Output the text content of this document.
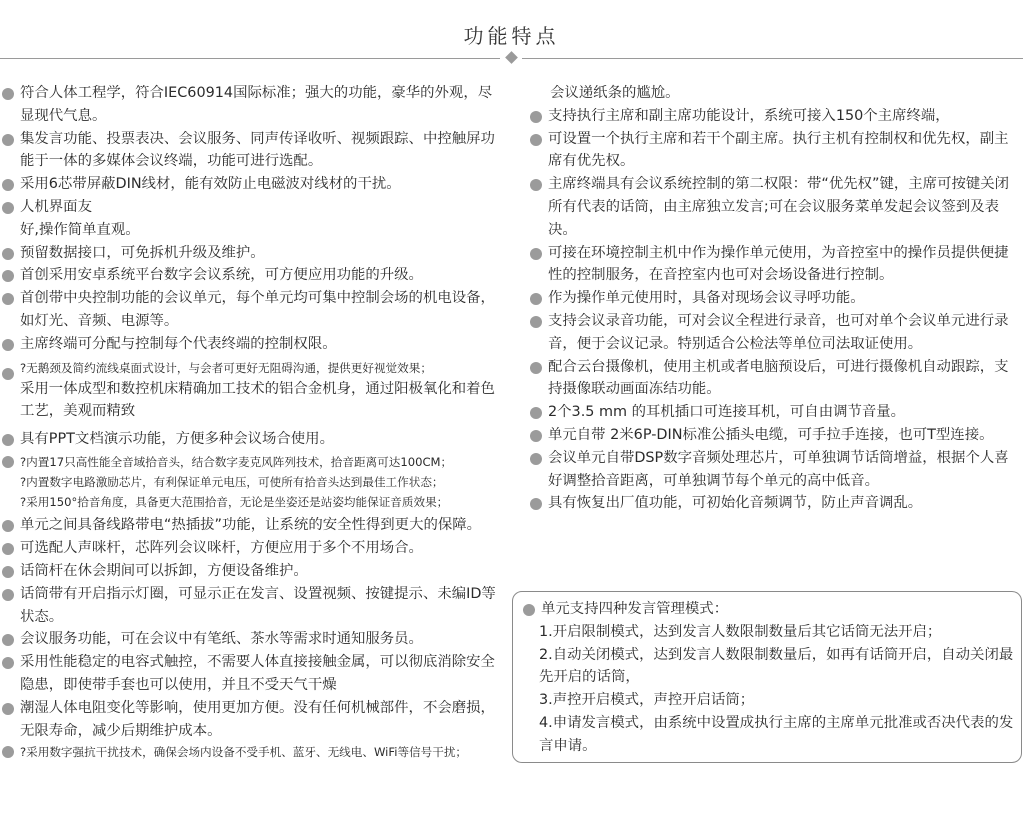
功能特点
符合人体工程学，符合IEC60914国际标准；强大的功能，豪华的外观，尽显现代气息。
集发言功能、投票表决、会议服务、同声传译收听、视频跟踪、中控触屏功能于一体的多媒体会议终端，功能可进行选配。
采用6芯带屏蔽DIN线材，能有效防止电磁波对线材的干扰。
人机界面友
好,操作简单直观。
预留数据接口，可免拆机升级及维护。
首创采用安卓系统平台数字会议系统，可方便应用功能的升级。
首创带中央控制功能的会议单元，每个单元均可集中控制会场的机电设备，如灯光、音频、电源等。
主席终端可分配与控制每个代表终端的控制权限。
?无鹅颈及简约流线桌面式设计，与会者可更好无阻碍沟通，提供更好视觉效果；
采用一体成型和数控机床精确加工技术的铝合金机身，通过阳极氧化和着色工艺，美观而精致
具有PPT文档演示功能，方便多种会议场合使用。
?内置17只高性能全音域拾音头，结合数字麦克风阵列技术，拾音距离可达100CM；
?内置数字电路激励芯片，有利保证单元电压，可使所有拾音头达到最佳工作状态；
?采用150°拾音角度，具备更大范围拾音，无论是坐姿还是站姿均能保证音质效果；
单元之间具备线路带电“热插拔”功能，让系统的安全性得到更大的保障。
可选配人声咪杆，芯阵列会议咪杆，方便应用于多个不用场合。
话筒杆在休会期间可以拆卸，方便设备维护。
话筒带有开启指示灯圈，可显示正在发言、设置视频、按键提示、未编ID等状态。
会议服务功能，可在会议中有笔纸、茶水等需求时通知服务员。
采用性能稳定的电容式触控，不需要人体直接接触金属，可以彻底消除安全隐患，即使带手套也可以使用，并且不受天气干燥
潮湿人体电阻变化等影响，使用更加方便。没有任何机械部件，不会磨损，无限寿命，减少后期维护成本。
?采用数字强抗干扰技术，确保会场内设备不受手机、蓝牙、无线电、WiFi等信号干扰；
会议递纸条的尴尬。
支持执行主席和副主席功能设计，系统可接入150个主席终端，
可设置一个执行主席和若干个副主席。执行主机有控制权和优先权，副主席有优先权。
主席终端具有会议系统控制的第二权限：带“优先权”键，主席可按键关闭所有代表的话筒，由主席独立发言;可在会议服务菜单发起会议签到及表决。
可接在环境控制主机中作为操作单元使用，为音控室中的操作员提供便捷性的控制服务，在音控室内也可对会场设备进行控制。
作为操作单元使用时，具备对现场会议寻呼功能。
支持会议录音功能，可对会议全程进行录音，也可对单个会议单元进行录音，便于会议记录。特别适合公检法等单位司法取证使用。
配合云台摄像机，使用主机或者电脑预设后，可进行摄像机自动跟踪，支持摄像联动画面冻结功能。
2个3.5 mm 的耳机插口可连接耳机，可自由调节音量。
单元自带 2米6P-DIN标准公插头电缆，可手拉手连接，也可T型连接。
会议单元自带DSP数字音频处理芯片，可单独调节话筒增益，根据个人喜好调整拾音距离，可单独调节每个单元的高中低音。
具有恢复出厂值功能，可初始化音频调节，防止声音调乱。
单元支持四种发言管理模式：
1.开启限制模式，达到发言人数限制数量后其它话筒无法开启；
2.自动关闭模式，达到发言人数限制数量后，如再有话筒开启，自动关闭最先开启的话筒，
3.声控开启模式，声控开启话筒；
4.申请发言模式，由系统中设置成执行主席的主席单元批准或否决代表的发言申请。
